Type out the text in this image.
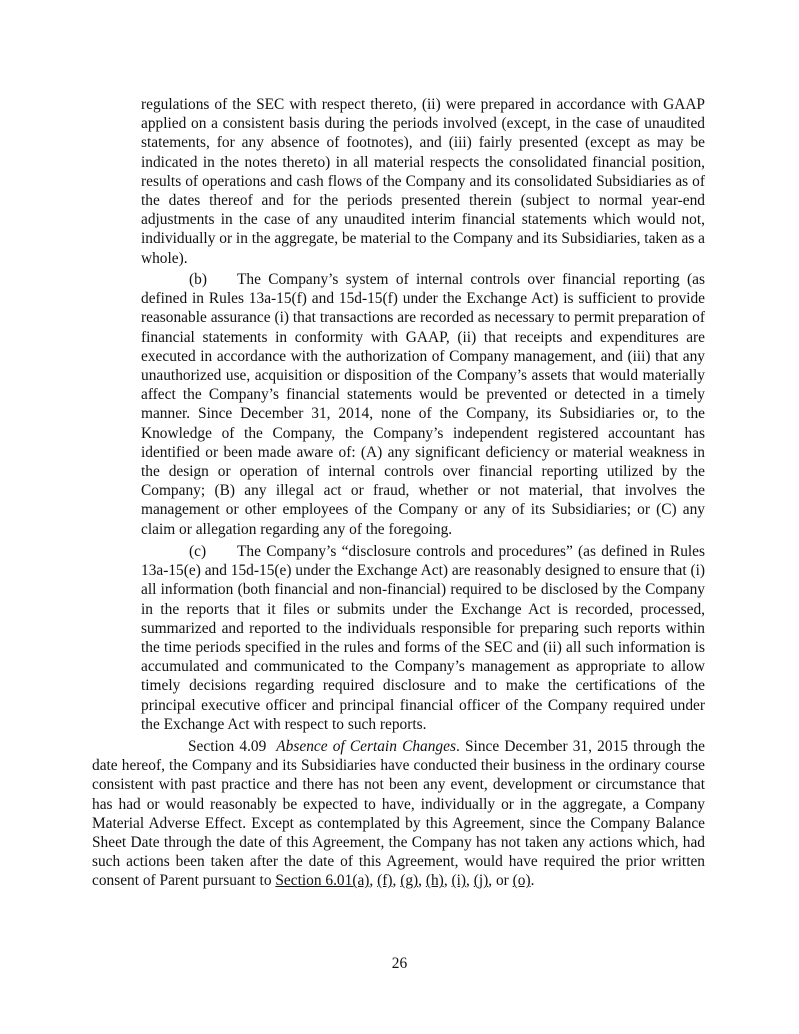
regulations of the SEC with respect thereto, (ii) were prepared in accordance with GAAP applied on a consistent basis during the periods involved (except, in the case of unaudited statements, for any absence of footnotes), and (iii) fairly presented (except as may be indicated in the notes thereto) in all material respects the consolidated financial position, results of operations and cash flows of the Company and its consolidated Subsidiaries as of the dates thereof and for the periods presented therein (subject to normal year-end adjustments in the case of any unaudited interim financial statements which would not, individually or in the aggregate, be material to the Company and its Subsidiaries, taken as a whole).

(b) The Company’s system of internal controls over financial reporting (as defined in Rules 13a-15(f) and 15d-15(f) under the Exchange Act) is sufficient to provide reasonable assurance (i) that transactions are recorded as necessary to permit preparation of financial statements in conformity with GAAP, (ii) that receipts and expenditures are executed in accordance with the authorization of Company management, and (iii) that any unauthorized use, acquisition or disposition of the Company’s assets that would materially affect the Company’s financial statements would be prevented or detected in a timely manner. Since December 31, 2014, none of the Company, its Subsidiaries or, to the Knowledge of the Company, the Company’s independent registered accountant has identified or been made aware of: (A) any significant deficiency or material weakness in the design or operation of internal controls over financial reporting utilized by the Company; (B) any illegal act or fraud, whether or not material, that involves the management or other employees of the Company or any of its Subsidiaries; or (C) any claim or allegation regarding any of the foregoing.

(c) The Company’s “disclosure controls and procedures” (as defined in Rules 13a-15(e) and 15d-15(e) under the Exchange Act) are reasonably designed to ensure that (i) all information (both financial and non-financial) required to be disclosed by the Company in the reports that it files or submits under the Exchange Act is recorded, processed, summarized and reported to the individuals responsible for preparing such reports within the time periods specified in the rules and forms of the SEC and (ii) all such information is accumulated and communicated to the Company’s management as appropriate to allow timely decisions regarding required disclosure and to make the certifications of the principal executive officer and principal financial officer of the Company required under the Exchange Act with respect to such reports.

Section 4.09 Absence of Certain Changes. Since December 31, 2015 through the date hereof, the Company and its Subsidiaries have conducted their business in the ordinary course consistent with past practice and there has not been any event, development or circumstance that has had or would reasonably be expected to have, individually or in the aggregate, a Company Material Adverse Effect. Except as contemplated by this Agreement, since the Company Balance Sheet Date through the date of this Agreement, the Company has not taken any actions which, had such actions been taken after the date of this Agreement, would have required the prior written consent of Parent pursuant to Section 6.01(a), (f), (g), (h), (i), (j), or (o).

26
